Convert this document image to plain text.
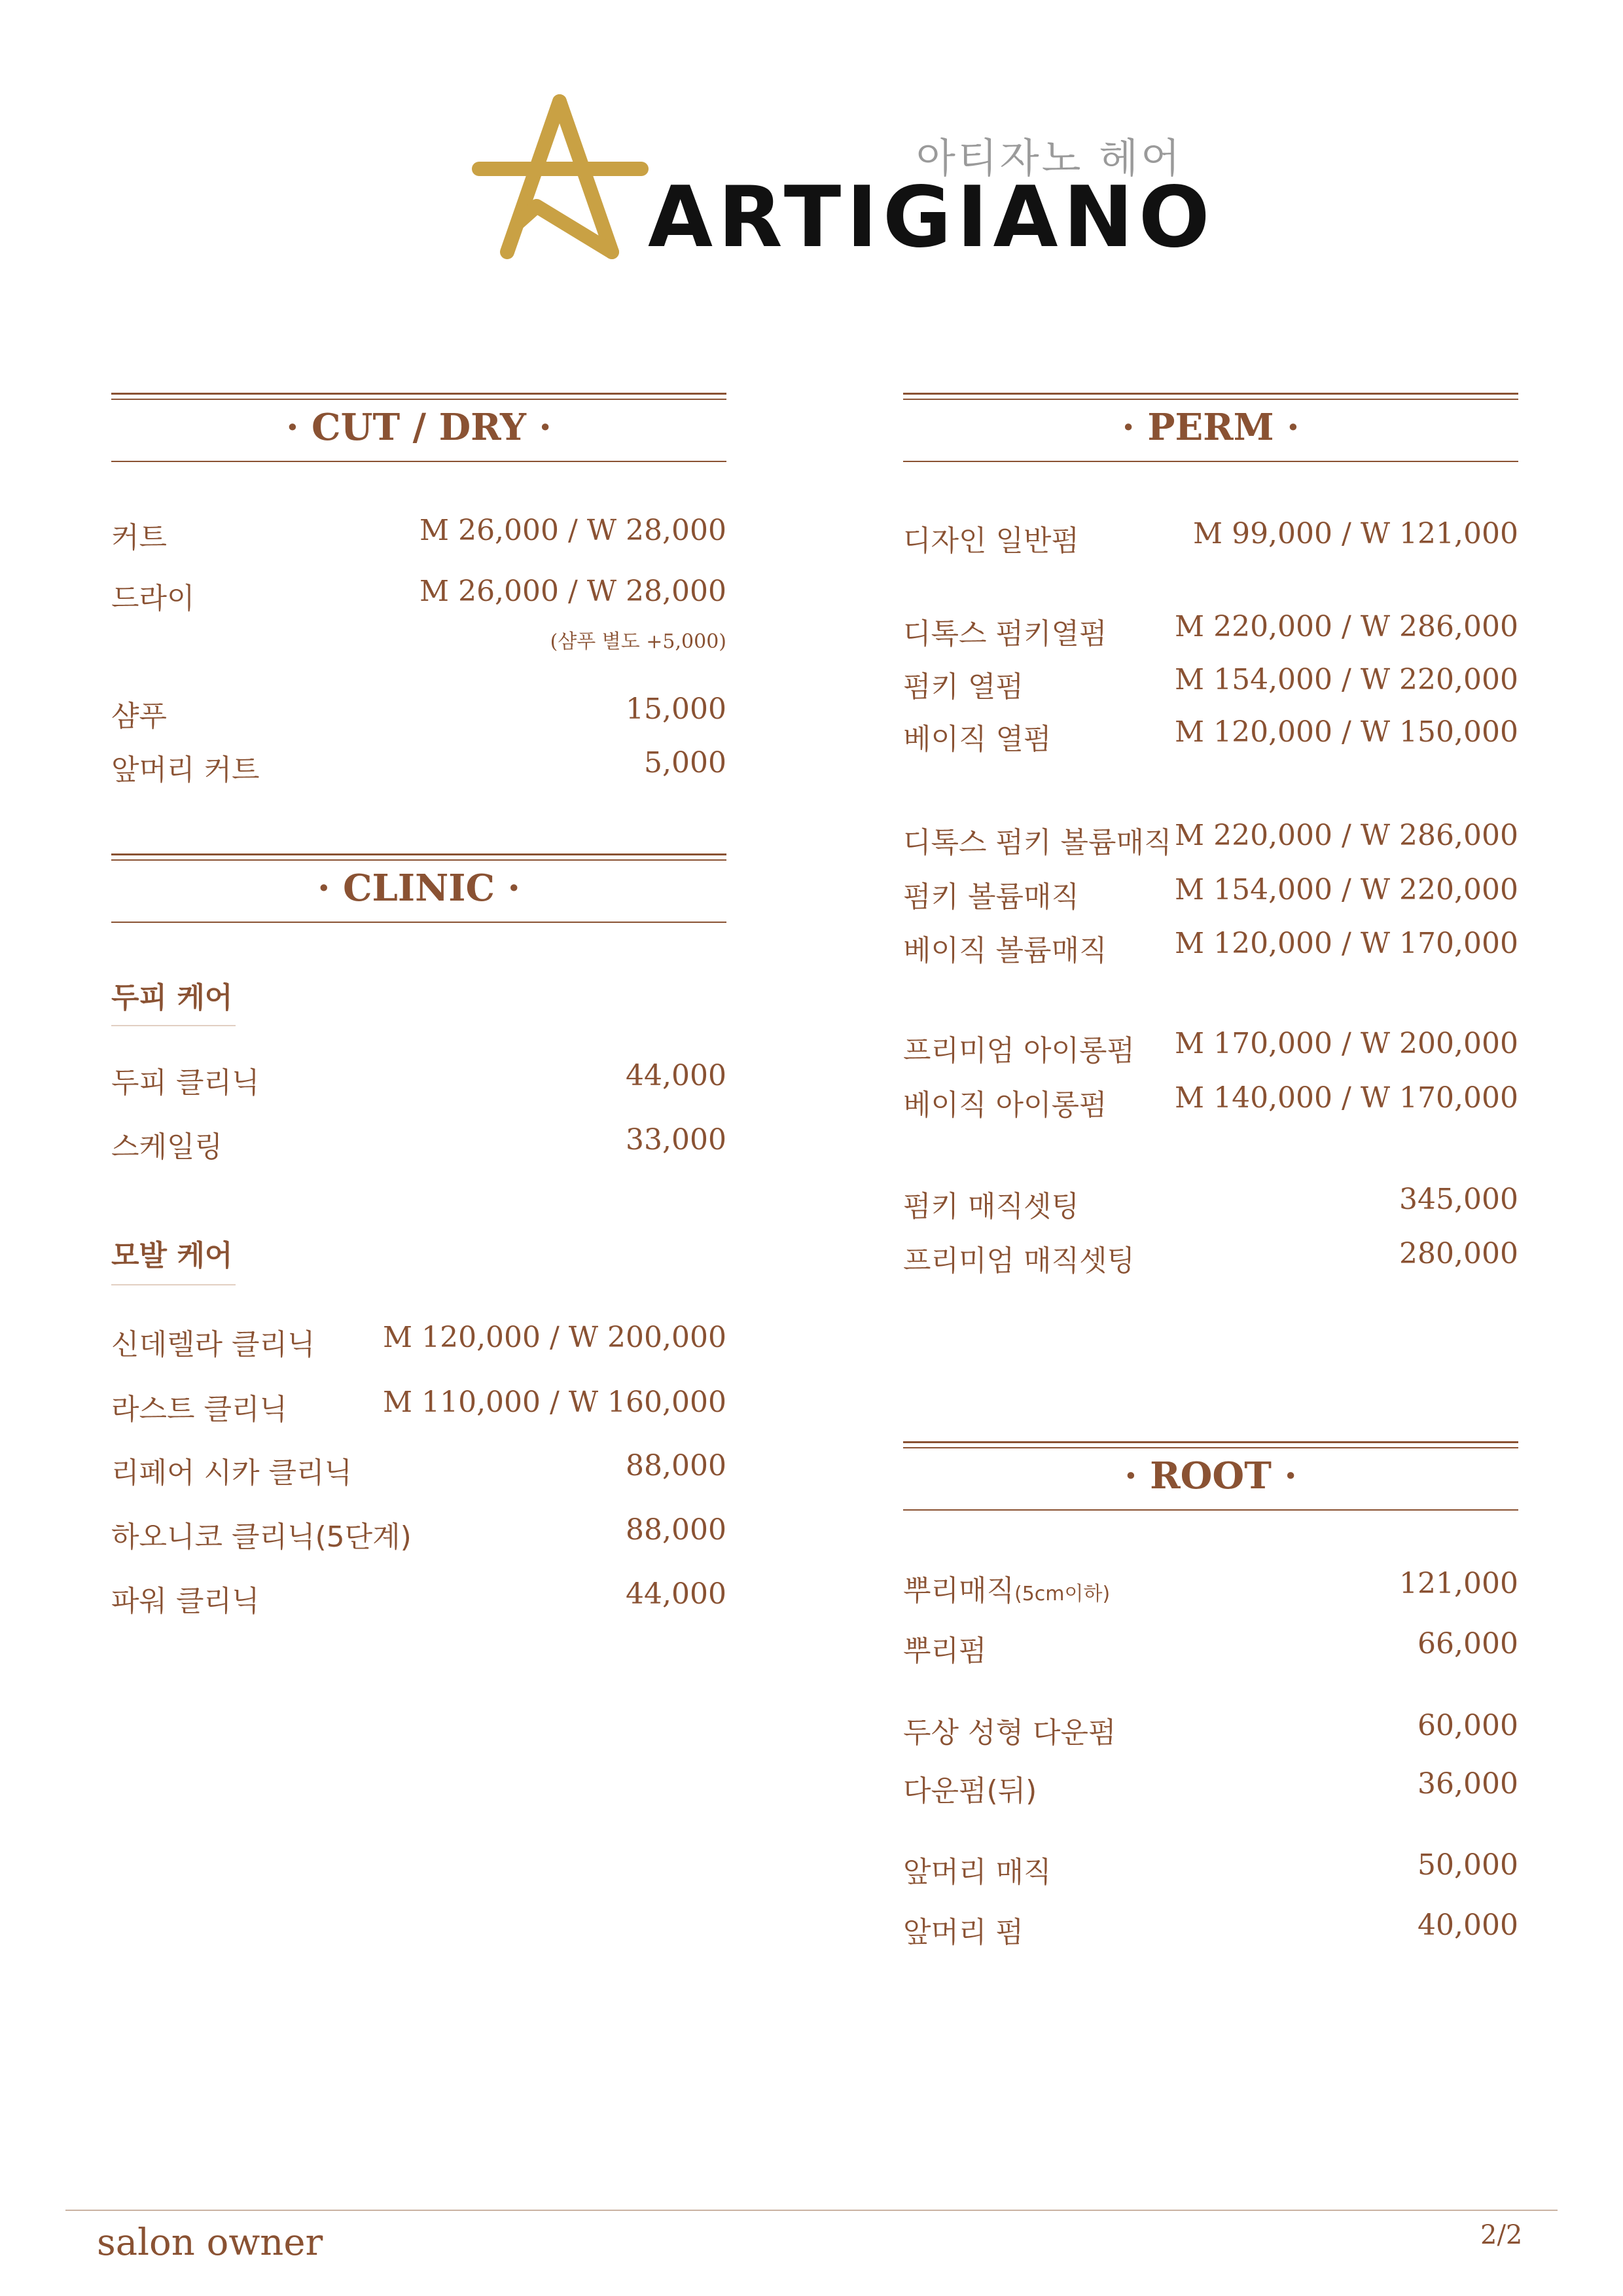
아티자노 헤어
ARTIGIANO
· CUT / DRY ·
커트	M 26,000 / W 28,000
드라이	M 26,000 / W 28,000
(샴푸 별도 +5,000)
샴푸	15,000
앞머리 커트	5,000
· CLINIC ·
두피 케어
두피 클리닉	44,000
스케일링	33,000
모발 케어
신데렐라 클리닉 M 120,000 / W 200,000
라스트 클리닉	M 110,000 / W 160,000
리페어 시카 클리닉	88,000
하오니코 클리닉(5단계)	88,000
파워 클리닉	44,000
· PERM ·
디자인 일반펌	M 99,000 / W 121,000
디톡스 펌키열펌 M 220,000 / W 286,000
펌키 열펌	M 154,000 / W 220,000
베이직 열펌	M 120,000 / W 150,000
디톡스 펌키 볼륨매직 M 220,000 / W 286,000
펌키 볼륨매직	M 154,000 / W 220,000
베이직 볼륨매직 M 120,000 / W 170,000
프리미엄 아이롱펌 M 170,000 / W 200,000
베이직 아이롱펌 M 140,000 / W 170,000
펌키 매직셋팅	345,000
프리미엄 매직셋팅	280,000
· ROOT ·
뿌리매직(5cm이하)	121,000
뿌리펌	66,000
두상 성형 다운펌	60,000
다운펌(뒤)	36,000
앞머리 매직	50,000
앞머리 펌	40,000
salon owner	2/2
